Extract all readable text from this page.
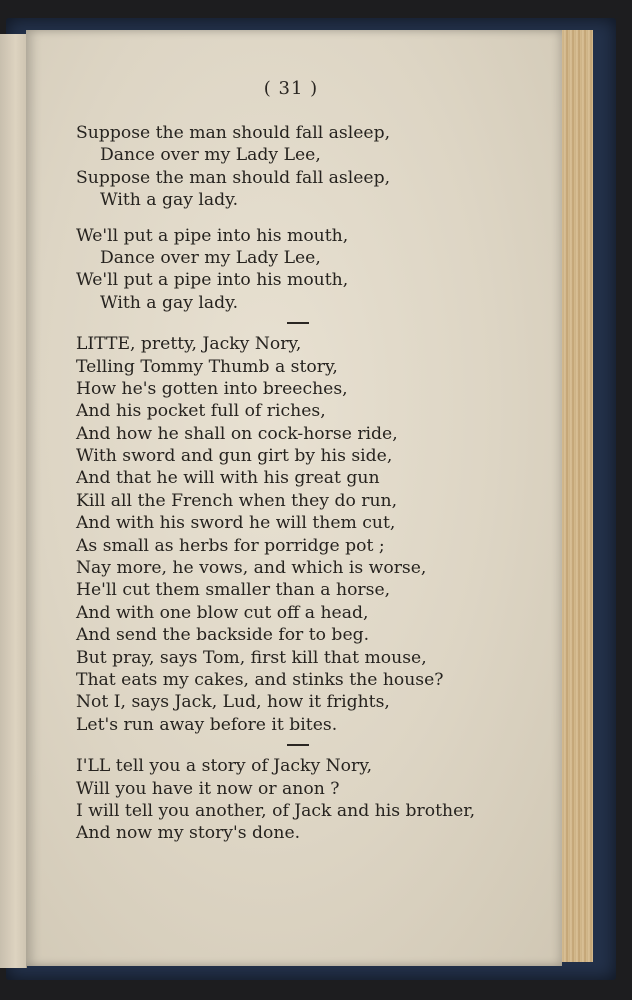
( 31 )
Suppose the man should fall asleep,
Dance over my Lady Lee,
Suppose the man should fall asleep,
With a gay lady.
We'll put a pipe into his mouth,
Dance over my Lady Lee,
We'll put a pipe into his mouth,
With a gay lady.
LITTE, pretty, Jacky Nory,
Telling Tommy Thumb a story,
How he's gotten into breeches,
And his pocket full of riches,
And how he shall on cock-horse ride,
With sword and gun girt by his side,
And that he will with his great gun
Kill all the French when they do run,
And with his sword he will them cut,
As small as herbs for porridge pot ;
Nay more, he vows, and which is worse,
He'll cut them smaller than a horse,
And with one blow cut off a head,
And send the backside for to beg.
But pray, says Tom, first kill that mouse,
That eats my cakes, and stinks the house?
Not I, says Jack, Lud, how it frights,
Let's run away before it bites.
I'LL tell you a story of Jacky Nory,
Will you have it now or anon ?
I will tell you another, of Jack and his brother,
And now my story's done.
